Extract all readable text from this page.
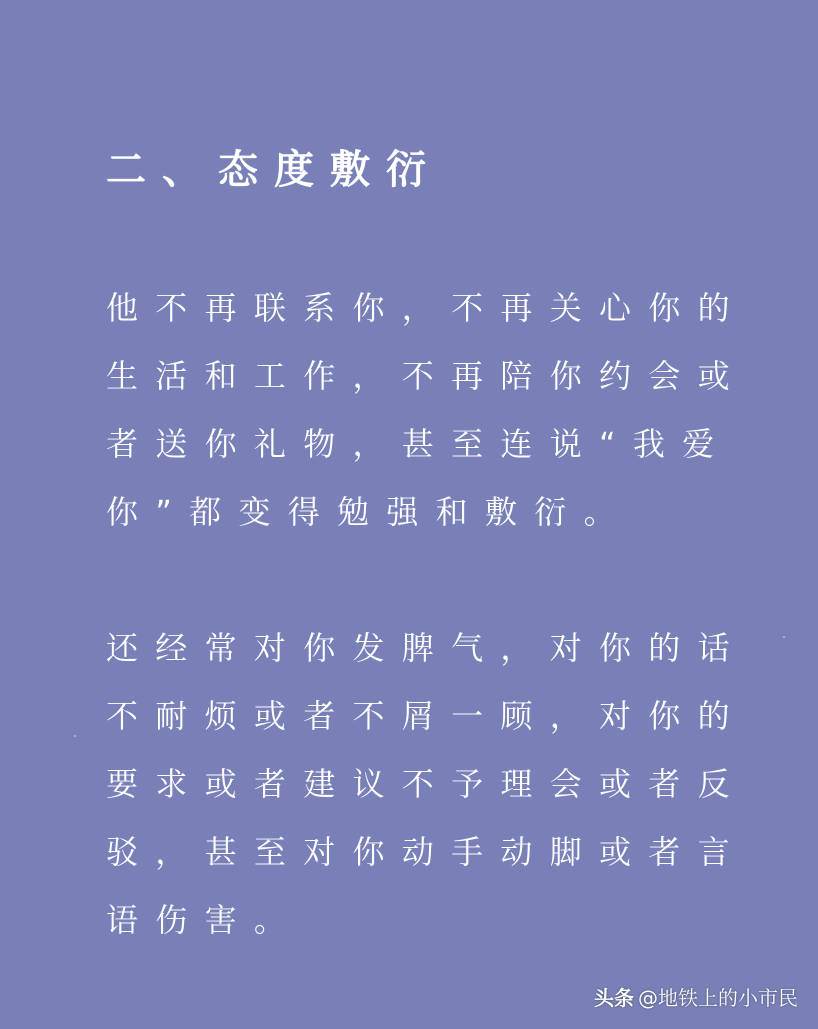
二、态度敷衍
他不再联系你，不再关心你的
生活和工作，不再陪你约会或
者送你礼物，甚至连说“我爱
你”都变得勉强和敷衍。
还经常对你发脾气，对你的话
不耐烦或者不屑一顾，对你的
要求或者建议不予理会或者反
驳，甚至对你动手动脚或者言
语伤害。
头条 @地铁上的小市民
